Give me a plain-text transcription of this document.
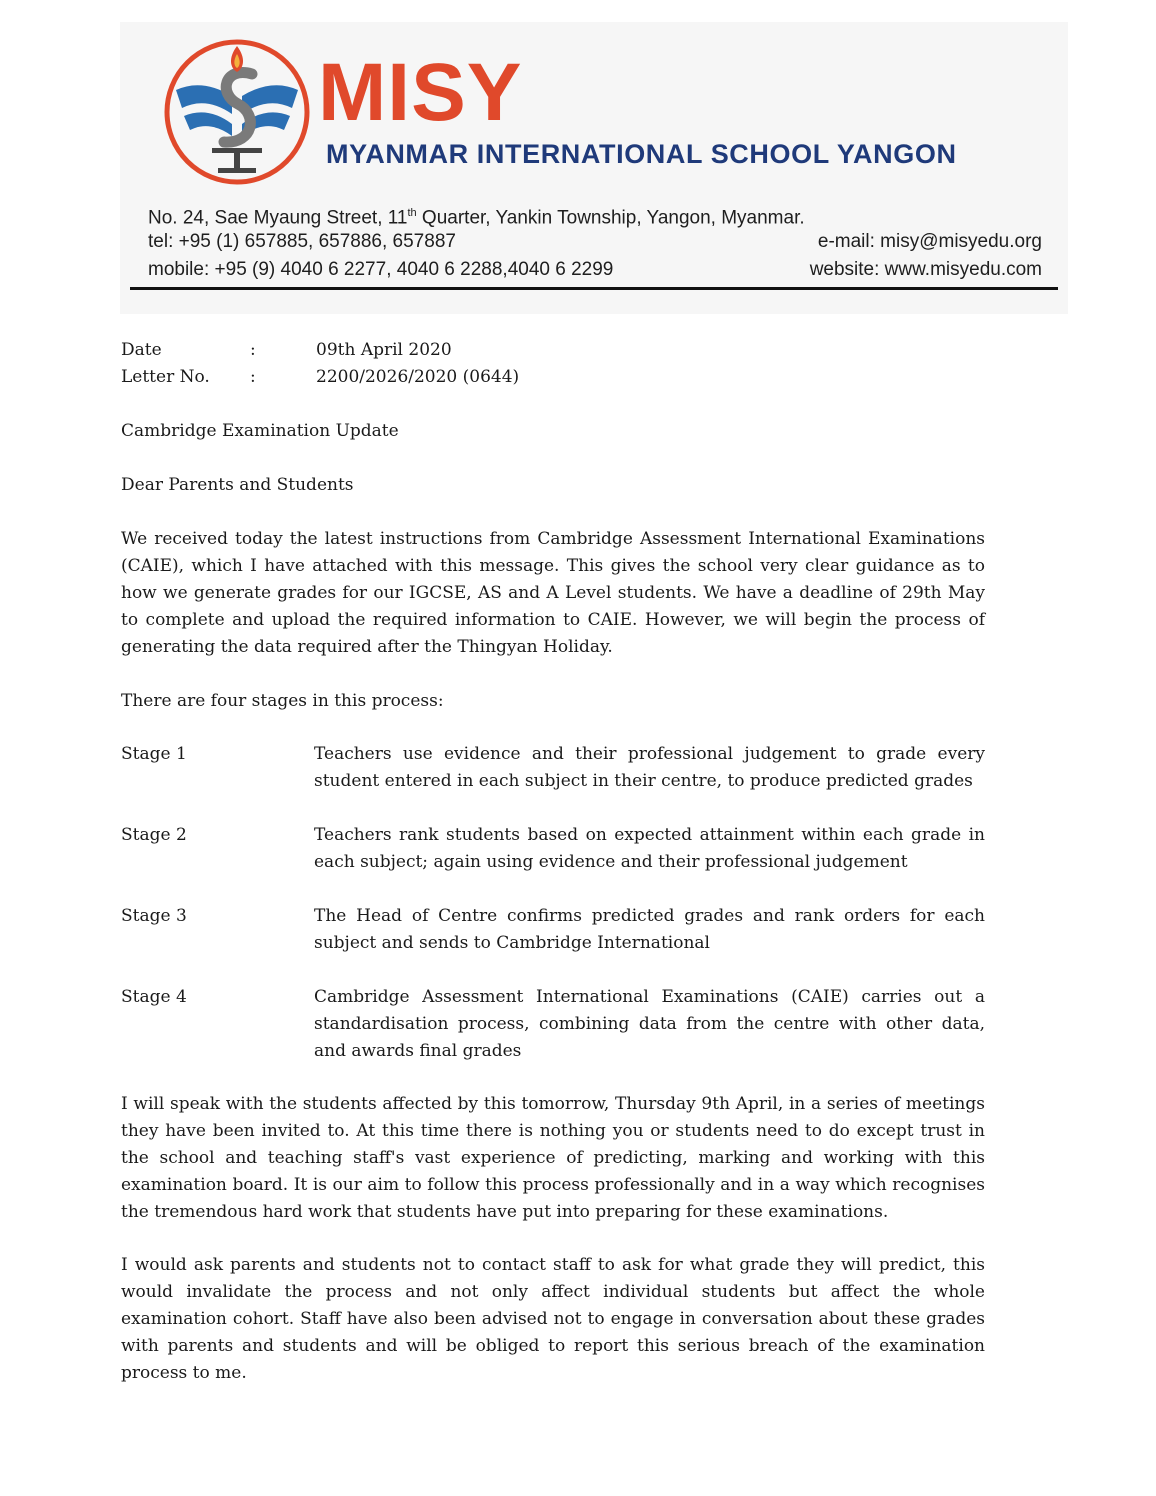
MISY
MYANMAR INTERNATIONAL SCHOOL YANGON
No. 24, Sae Myaung Street, 11th Quarter, Yankin Township, Yangon, Myanmar.
tel: +95 (1) 657885, 657886, 657887
mobile: +95 (9) 4040 6 2277, 4040 6 2288,4040 6 2299
e-mail: misy@misyedu.org
website: www.misyedu.com
Date	:	09th April 2020
Letter No. :	2200/2026/2020 (0644)
Cambridge Examination Update
Dear Parents and Students
We received today the latest instructions from Cambridge Assessment International Examinations (CAIE), which I have attached with this message. This gives the school very clear guidance as to how we generate grades for our IGCSE, AS and A Level students. We have a deadline of 29th May to complete and upload the required information to CAIE. However, we will begin the process of generating the data required after the Thingyan Holiday.
There are four stages in this process:
Stage 1	Teachers use evidence and their professional judgement to grade every student entered in each subject in their centre, to produce predicted grades
Stage 2	Teachers rank students based on expected attainment within each grade in each subject; again using evidence and their professional judgement
Stage 3	The Head of Centre confirms predicted grades and rank orders for each subject and sends to Cambridge International
Stage 4	Cambridge Assessment International Examinations (CAIE) carries out a standardisation process, combining data from the centre with other data, and awards final grades
I will speak with the students affected by this tomorrow, Thursday 9th April, in a series of meetings they have been invited to. At this time there is nothing you or students need to do except trust in the school and teaching staff's vast experience of predicting, marking and working with this examination board. It is our aim to follow this process professionally and in a way which recognises the tremendous hard work that students have put into preparing for these examinations.
I would ask parents and students not to contact staff to ask for what grade they will predict, this would invalidate the process and not only affect individual students but affect the whole examination cohort. Staff have also been advised not to engage in conversation about these grades with parents and students and will be obliged to report this serious breach of the examination process to me.
